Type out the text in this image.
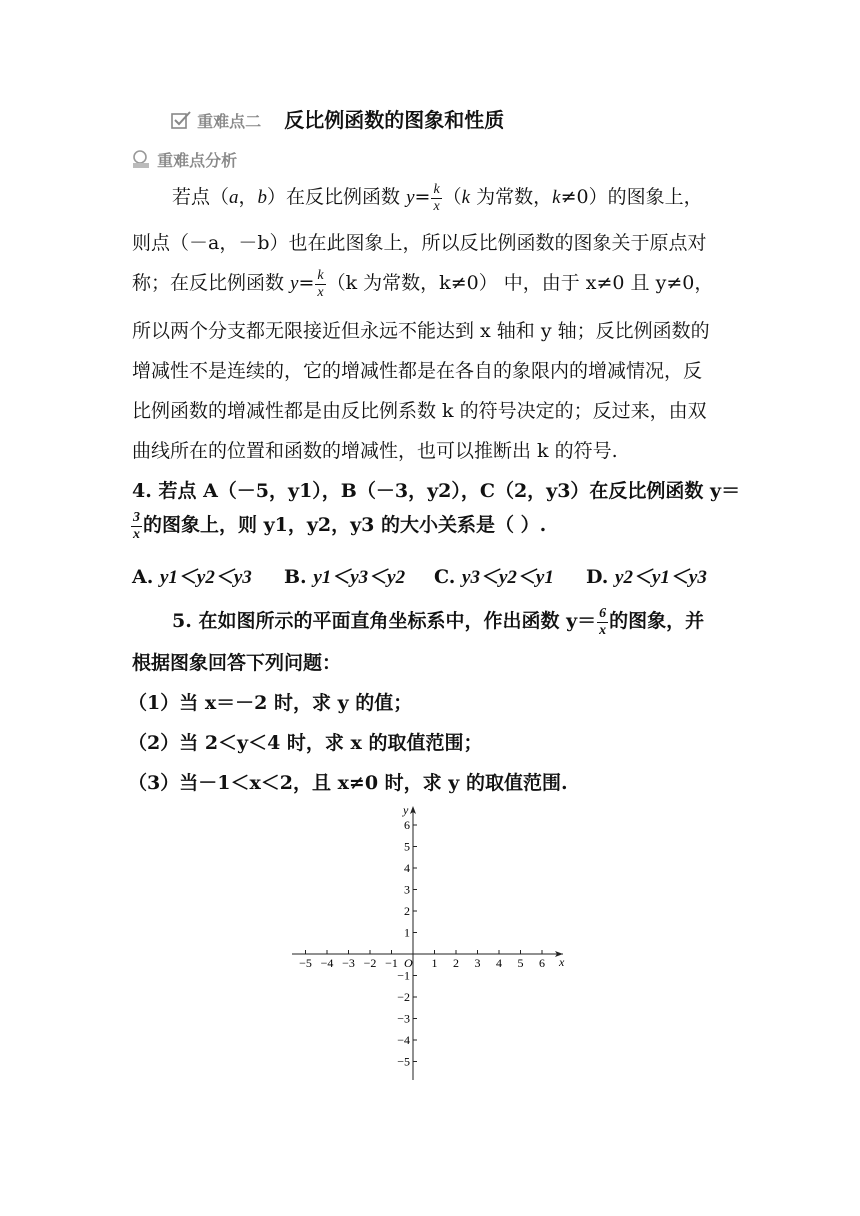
重难点二 反比例函数的图象和性质
重难点分析
若点（a，b）在反比例函数 $y= \frac{k}{x} (k$ 为常数，k≠0）的图象上，
则点（－a，－b）也在此图象上，所以反比例函数的图象关于原点对
称；在反比例函数 $y= \frac{k}{x} (k$ 为常数，k≠0） 中，由于 x≠0 且 y≠0，
所以两个分支都无限接近但永远不能达到 x 轴和 y 轴；反比例函数的
增减性不是连续的，它的增减性都是在各自的象限内的增减情况，反
比例函数的增减性都是由反比例系数 k 的符号决定的；反过来，由双
曲线所在的位置和函数的增减性，也可以推断出 k 的符号.
4. 若点 A（－5，y1），B（－3，y2），C（2，y3）在反比例函数 y＝
$\frac{3}{x}$ 的图象上，则 y1，y2，y3 的大小关系是（ ）.
A. y1＜y2＜y3 B. y1＜y3＜y2 C. y3＜y2＜y1 D. y2＜y1＜y3
5. 在如图所示的平面直角坐标系中，作出函数 $y= \frac{6}{x}$ 的图象，并
根据图象回答下列问题：
（1）当 x＝－2 时，求 y 的值；
（2）当 2＜y＜4 时，求 x 的取值范围；
（3）当－1＜x＜2，且 x≠0 时，求 y 的取值范围.
x
y
O
−5 −4 −3 −2 −1	1 2 3 4 5 6
6
5
4
3
2
1
−1
−2
−3
−4
−5
